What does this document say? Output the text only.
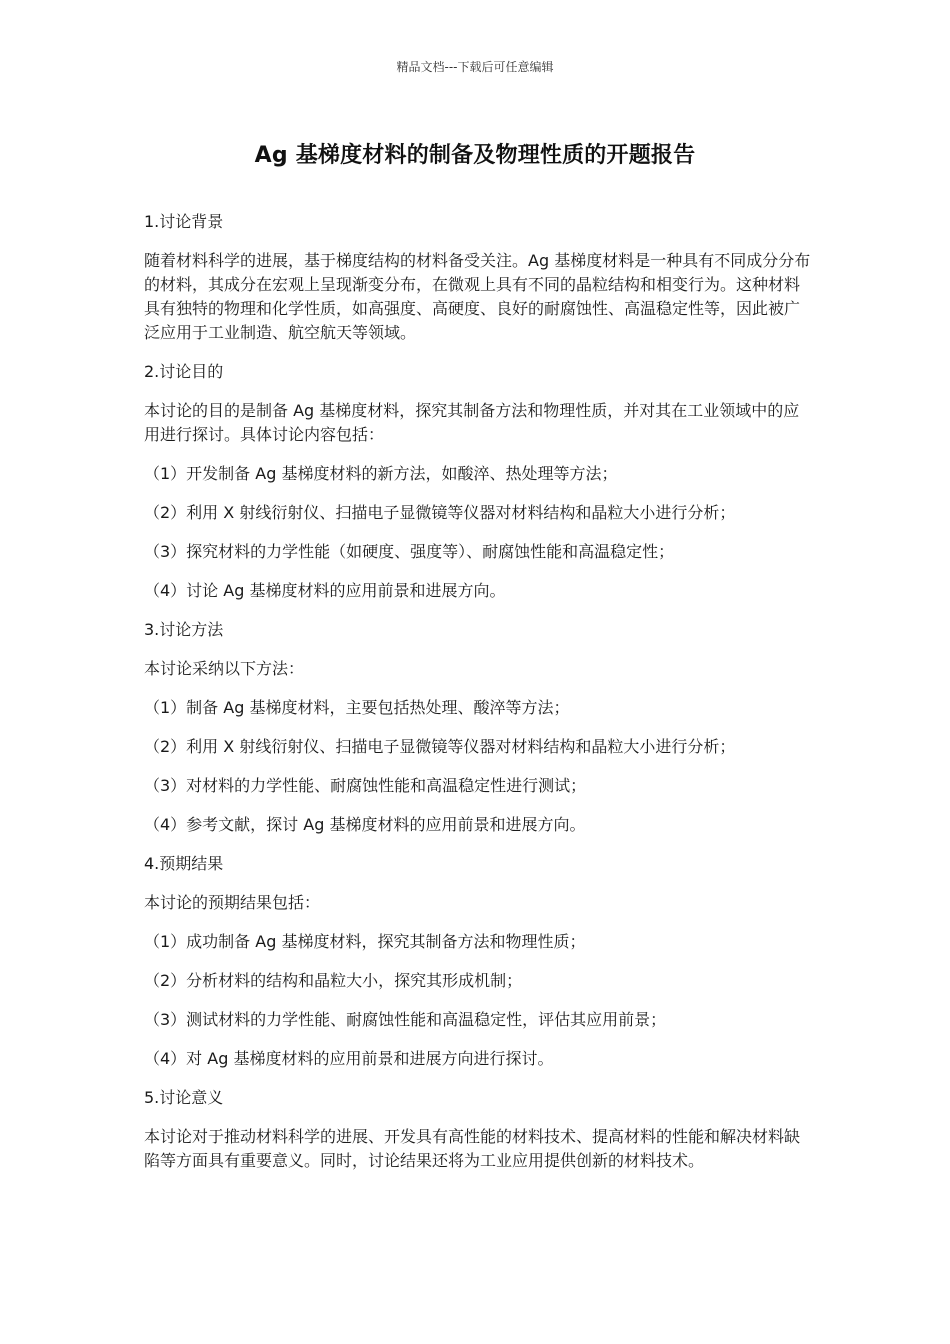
精品文档---下载后可任意编辑
Ag 基梯度材料的制备及物理性质的开题报告

1.讨论背景

随着材料科学的进展，基于梯度结构的材料备受关注。Ag 基梯度材料是一种具有不同成分分布的材料，其成分在宏观上呈现渐变分布，在微观上具有不同的晶粒结构和相变行为。这种材料具有独特的物理和化学性质，如高强度、高硬度、良好的耐腐蚀性、高温稳定性等，因此被广泛应用于工业制造、航空航天等领域。

2.讨论目的

本讨论的目的是制备 Ag 基梯度材料，探究其制备方法和物理性质，并对其在工业领域中的应用进行探讨。具体讨论内容包括：

（1）开发制备 Ag 基梯度材料的新方法，如酸淬、热处理等方法；

（2）利用 X 射线衍射仪、扫描电子显微镜等仪器对材料结构和晶粒大小进行分析；

（3）探究材料的力学性能（如硬度、强度等）、耐腐蚀性能和高温稳定性；

（4）讨论 Ag 基梯度材料的应用前景和进展方向。

3.讨论方法

本讨论采纳以下方法：

（1）制备 Ag 基梯度材料，主要包括热处理、酸淬等方法；

（2）利用 X 射线衍射仪、扫描电子显微镜等仪器对材料结构和晶粒大小进行分析；

（3）对材料的力学性能、耐腐蚀性能和高温稳定性进行测试；

（4）参考文献，探讨 Ag 基梯度材料的应用前景和进展方向。

4.预期结果

本讨论的预期结果包括：

（1）成功制备 Ag 基梯度材料，探究其制备方法和物理性质；

（2）分析材料的结构和晶粒大小，探究其形成机制；

（3）测试材料的力学性能、耐腐蚀性能和高温稳定性，评估其应用前景；

（4）对 Ag 基梯度材料的应用前景和进展方向进行探讨。

5.讨论意义

本讨论对于推动材料科学的进展、开发具有高性能的材料技术、提高材料的性能和解决材料缺陷等方面具有重要意义。同时，讨论结果还将为工业应用提供创新的材料技术。
